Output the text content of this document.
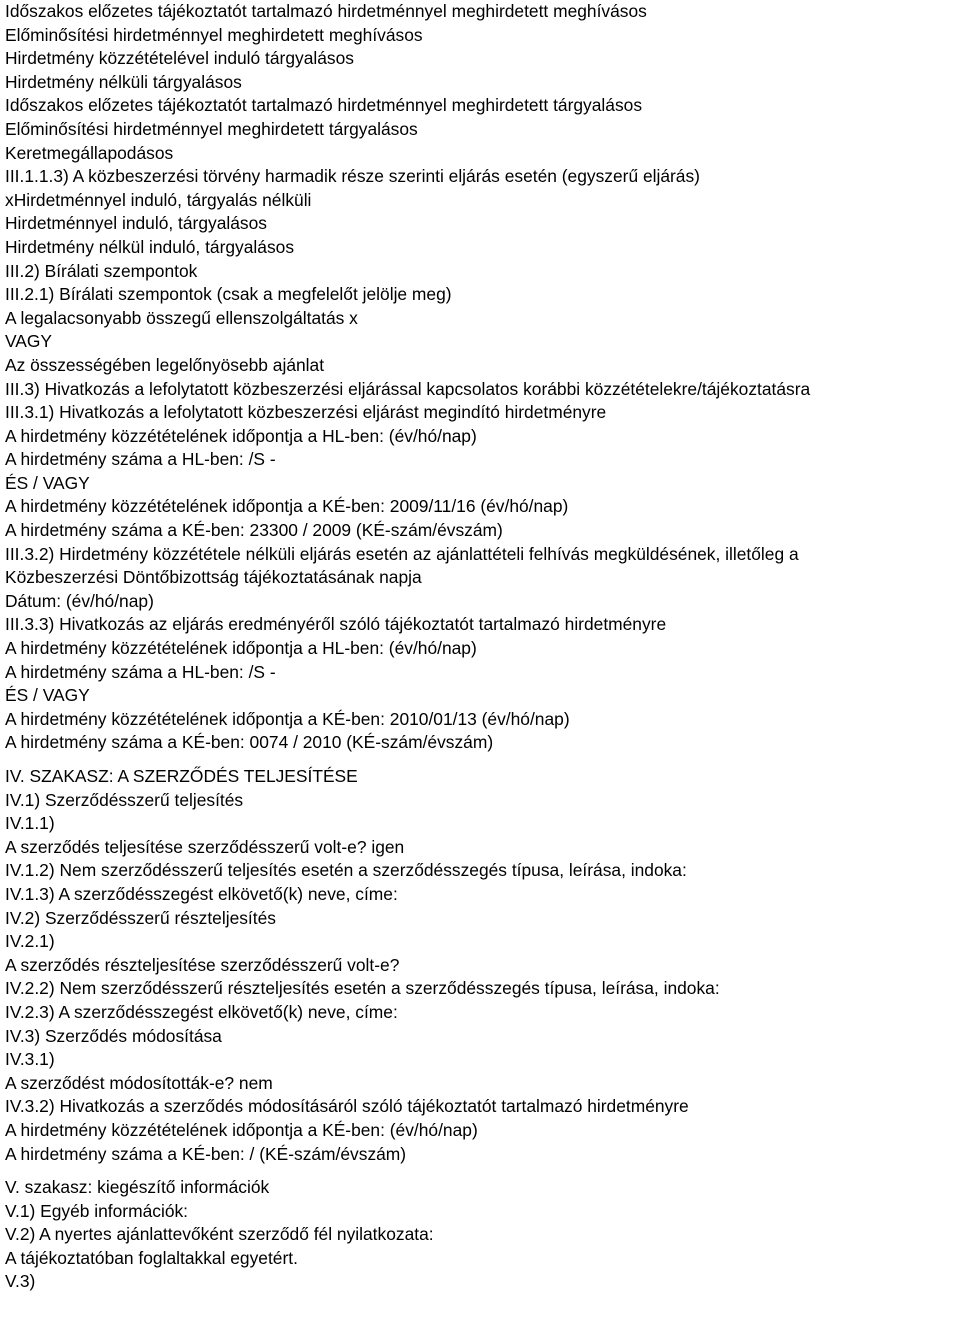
Időszakos előzetes tájékoztatót tartalmazó hirdetménnyel meghirdetett meghívásos
Előminősítési hirdetménnyel meghirdetett meghívásos
Hirdetmény közzétételével induló tárgyalásos
Hirdetmény nélküli tárgyalásos
Időszakos előzetes tájékoztatót tartalmazó hirdetménnyel meghirdetett tárgyalásos
Előminősítési hirdetménnyel meghirdetett tárgyalásos
Keretmegállapodásos
III.1.1.3) A közbeszerzési törvény harmadik része szerinti eljárás esetén (egyszerű eljárás)
xHirdetménnyel induló, tárgyalás nélküli
Hirdetménnyel induló, tárgyalásos
Hirdetmény nélkül induló, tárgyalásos
III.2) Bírálati szempontok
III.2.1) Bírálati szempontok (csak a megfelelőt jelölje meg)
A legalacsonyabb összegű ellenszolgáltatás x
VAGY
Az összességében legelőnyösebb ajánlat
III.3) Hivatkozás a lefolytatott közbeszerzési eljárással kapcsolatos korábbi közzétételekre/tájékoztatásra
III.3.1) Hivatkozás a lefolytatott közbeszerzési eljárást megindító hirdetményre
A hirdetmény közzétételének időpontja a HL-ben: (év/hó/nap)
A hirdetmény száma a HL-ben: /S -
ÉS / VAGY
A hirdetmény közzétételének időpontja a KÉ-ben: 2009/11/16 (év/hó/nap)
A hirdetmény száma a KÉ-ben: 23300 / 2009 (KÉ-szám/évszám)
III.3.2) Hirdetmény közzététele nélküli eljárás esetén az ajánlattételi felhívás megküldésének, illetőleg a
Közbeszerzési Döntőbizottság tájékoztatásának napja
Dátum: (év/hó/nap)
III.3.3) Hivatkozás az eljárás eredményéről szóló tájékoztatót tartalmazó hirdetményre
A hirdetmény közzétételének időpontja a HL-ben: (év/hó/nap)
A hirdetmény száma a HL-ben: /S -
ÉS / VAGY
A hirdetmény közzétételének időpontja a KÉ-ben: 2010/01/13 (év/hó/nap)
A hirdetmény száma a KÉ-ben: 0074 / 2010 (KÉ-szám/évszám)
IV. SZAKASZ: A SZERZŐDÉS TELJESÍTÉSE
IV.1) Szerződésszerű teljesítés
IV.1.1)
A szerződés teljesítése szerződésszerű volt-e? igen
IV.1.2) Nem szerződésszerű teljesítés esetén a szerződésszegés típusa, leírása, indoka:
IV.1.3) A szerződésszegést elkövető(k) neve, címe:
IV.2) Szerződésszerű részteljesítés
IV.2.1)
A szerződés részteljesítése szerződésszerű volt-e?
IV.2.2) Nem szerződésszerű részteljesítés esetén a szerződésszegés típusa, leírása, indoka:
IV.2.3) A szerződésszegést elkövető(k) neve, címe:
IV.3) Szerződés módosítása
IV.3.1)
A szerződést módosították-e? nem
IV.3.2) Hivatkozás a szerződés módosításáról szóló tájékoztatót tartalmazó hirdetményre
A hirdetmény közzétételének időpontja a KÉ-ben: (év/hó/nap)
A hirdetmény száma a KÉ-ben: / (KÉ-szám/évszám)
V. szakasz: kiegészítő információk
V.1) Egyéb információk:
V.2) A nyertes ajánlattevőként szerződő fél nyilatkozata:
A tájékoztatóban foglaltakkal egyetért.
V.3)
